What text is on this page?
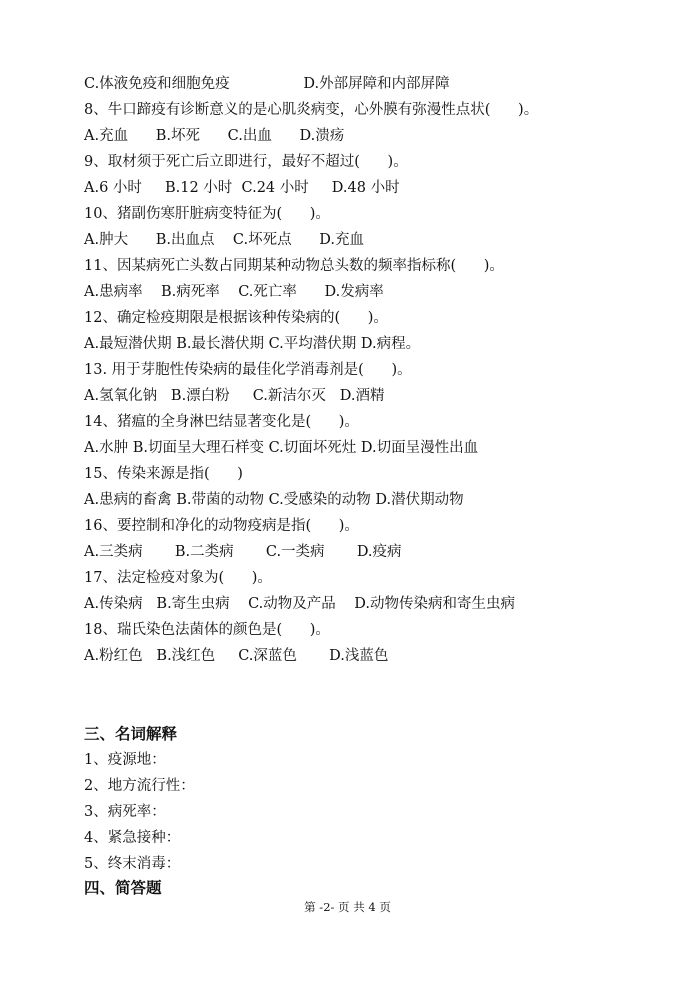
C.体液免疫和细胞免疫                D.外部屏障和内部屏障
8、牛口蹄疫有诊断意义的是心肌炎病变，心外膜有弥漫性点状(      )。
A.充血      B.坏死      C.出血      D.溃疡
9、取材须于死亡后立即进行，最好不超过(      )。
A.6 小时     B.12 小时  C.24 小时     D.48 小时
10、猪副伤寒肝脏病变特征为(      )。
A.肿大      B.出血点    C.坏死点      D.充血
11、因某病死亡头数占同期某种动物总头数的频率指标称(      )。
A.患病率    B.病死率    C.死亡率      D.发病率
12、确定检疫期限是根据该种传染病的(      )。
A.最短潜伏期 B.最长潜伏期 C.平均潜伏期 D.病程。
13. 用于芽胞性传染病的最佳化学消毒剂是(      )。
A.氢氧化钠   B.漂白粉     C.新洁尔灭   D.酒精
14、猪瘟的全身淋巴结显著变化是(      )。
A.水肿 B.切面呈大理石样变 C.切面坏死灶 D.切面呈漫性出血
15、传染来源是指(      )
A.患病的畜禽 B.带菌的动物 C.受感染的动物 D.潜伏期动物
16、要控制和净化的动物疫病是指(      )。
A.三类病       B.二类病       C.一类病       D.疫病
17、法定检疫对象为(      )。
A.传染病   B.寄生虫病    C.动物及产品    D.动物传染病和寄生虫病
18、瑞氏染色法菌体的颜色是(      )。
A.粉红色   B.浅红色     C.深蓝色       D.浅蓝色
三、名词解释
1、疫源地：
2、地方流行性：
3、病死率：
4、紧急接种：
5、终末消毒：
四、简答题
第 -2- 页 共 4 页
